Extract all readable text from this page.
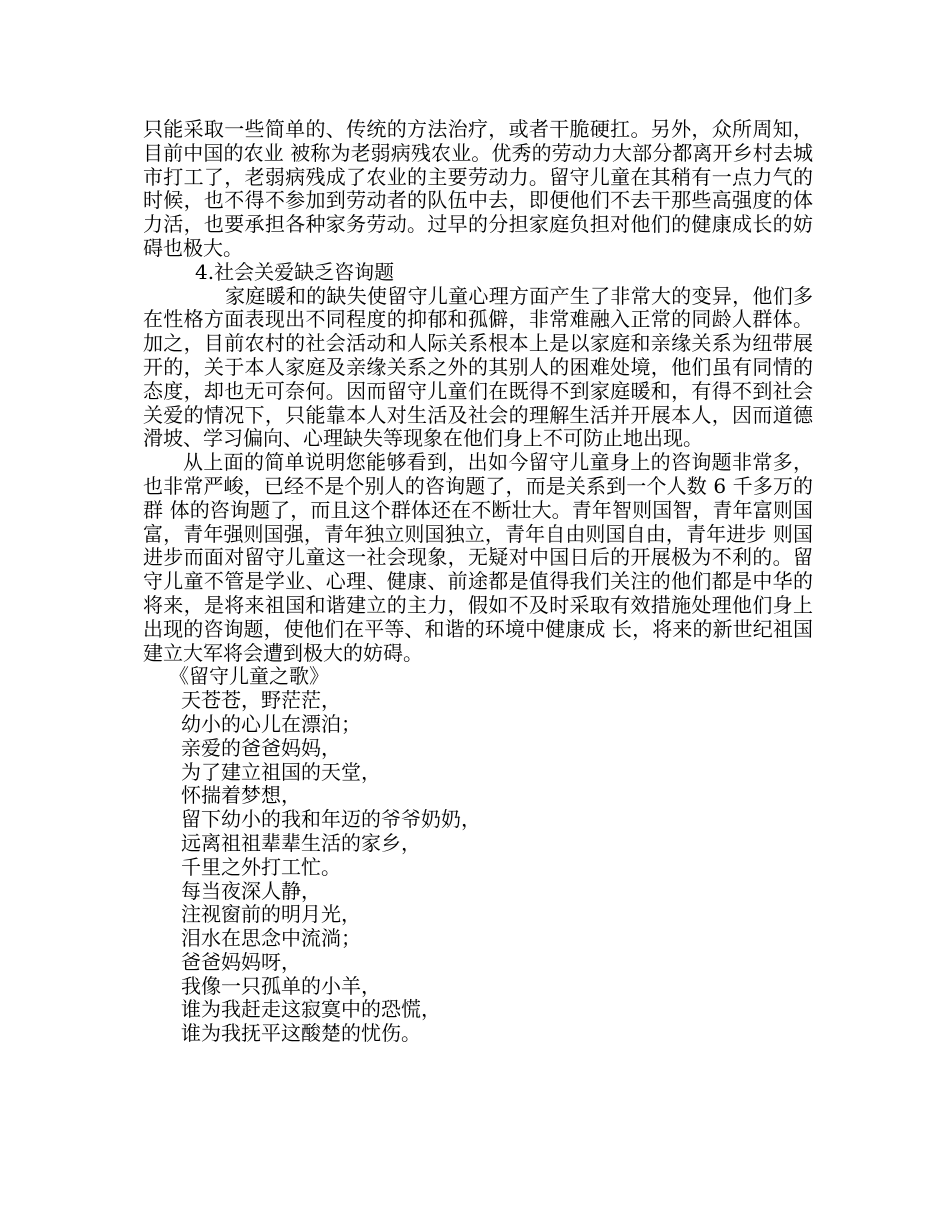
只能采取一些简单的、传统的方法治疗，或者干脆硬扛。另外，众所周知，目前中国的农业 被称为老弱病残农业。优秀的劳动力大部分都离开乡村去城市打工了，老弱病残成了农业的主要劳动力。留守儿童在其稍有一点力气的时候，也不得不参加到劳动者的队伍中去，即便他们不去干那些高强度的体力活，也要承担各种家务劳动。过早的分担家庭负担对他们的健康成长的妨碍也极大。

4.社会关爱缺乏咨询题

家庭暖和的缺失使留守儿童心理方面产生了非常大的变异，他们多在性格方面表现出不同程度的抑郁和孤僻，非常难融入正常的同龄人群体。加之，目前农村的社会活动和人际关系根本上是以家庭和亲缘关系为纽带展开的，关于本人家庭及亲缘关系之外的其别人的困难处境，他们虽有同情的态度，却也无可奈何。因而留守儿童们在既得不到家庭暖和，有得不到社会关爱的情况下，只能靠本人对生活及社会的理解生活并开展本人，因而道德滑坡、学习偏向、心理缺失等现象在他们身上不可防止地出现。

从上面的简单说明您能够看到，出如今留守儿童身上的咨询题非常多，也非常严峻，已经不是个别人的咨询题了，而是关系到一个人数 6 千多万的群 体的咨询题了，而且这个群体还在不断壮大。青年智则国智，青年富则国富，青年强则国强，青年独立则国独立，青年自由则国自由，青年进步 则国进步而面对留守儿童这一社会现象，无疑对中国日后的开展极为不利的。留守儿童不管是学业、心理、健康、前途都是值得我们关注的他们都是中华的将来，是将来祖国和谐建立的主力，假如不及时采取有效措施处理他们身上出现的咨询题，使他们在平等、和谐的环境中健康成 长，将来的新世纪祖国建立大军将会遭到极大的妨碍。

《留守儿童之歌》

天苍苍，野茫茫，

幼小的心儿在漂泊；

亲爱的爸爸妈妈，

为了建立祖国的天堂，

怀揣着梦想，

留下幼小的我和年迈的爷爷奶奶，

远离祖祖辈辈生活的家乡，

千里之外打工忙。

每当夜深人静，

注视窗前的明月光，

泪水在思念中流淌；

爸爸妈妈呀，

我像一只孤单的小羊，

谁为我赶走这寂寞中的恐慌，

谁为我抚平这酸楚的忧伤。
